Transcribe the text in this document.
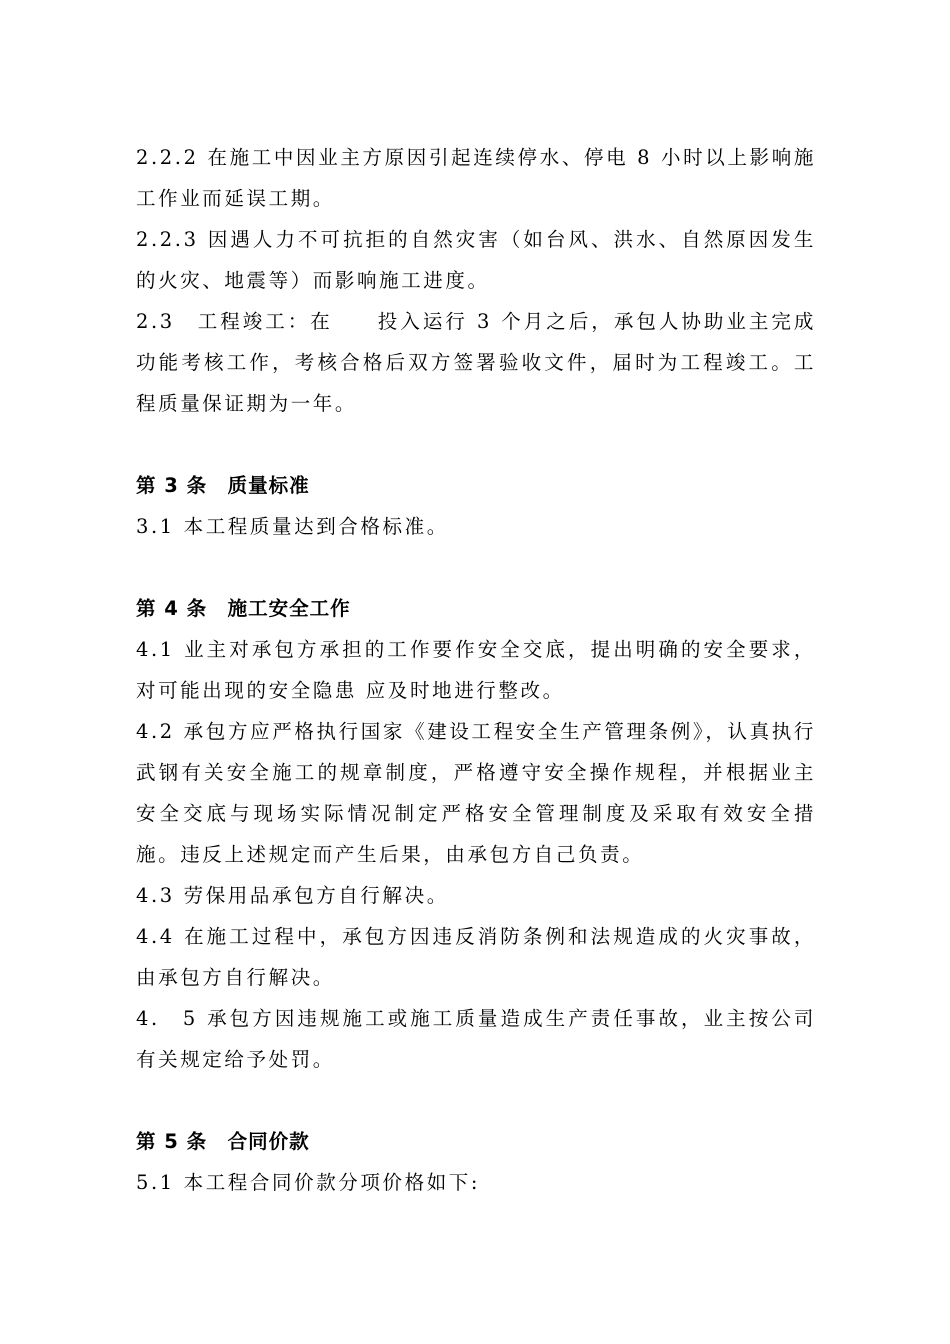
2.2.2 在施工中因业主方原因引起连续停水、停电 8 小时以上影响施工作业而延误工期。

2.2.3 因遇人力不可抗拒的自然灾害（如台风、洪水、自然原因发生的火灾、地震等）而影响施工进度。

2.3　工程竣工：在　　投入运行 3 个月之后，承包人协助业主完成功能考核工作，考核合格后双方签署验收文件，届时为工程竣工。工程质量保证期为一年。

第 3 条　质量标准

3.1 本工程质量达到合格标准。

第 4 条　施工安全工作

4.1 业主对承包方承担的工作要作安全交底，提出明确的安全要求，对可能出现的安全隐患 应及时地进行整改。

4.2 承包方应严格执行国家《建设工程安全生产管理条例》，认真执行武钢有关安全施工的规章制度，严格遵守安全操作规程，并根据业主安全交底与现场实际情况制定严格安全管理制度及采取有效安全措施。违反上述规定而产生后果，由承包方自己负责。

4.3 劳保用品承包方自行解决。

4.4 在施工过程中，承包方因违反消防条例和法规造成的火灾事故，由承包方自行解决。

4.　5 承包方因违规施工或施工质量造成生产责任事故，业主按公司有关规定给予处罚。

第 5 条　合同价款

5.1 本工程合同价款分项价格如下:
